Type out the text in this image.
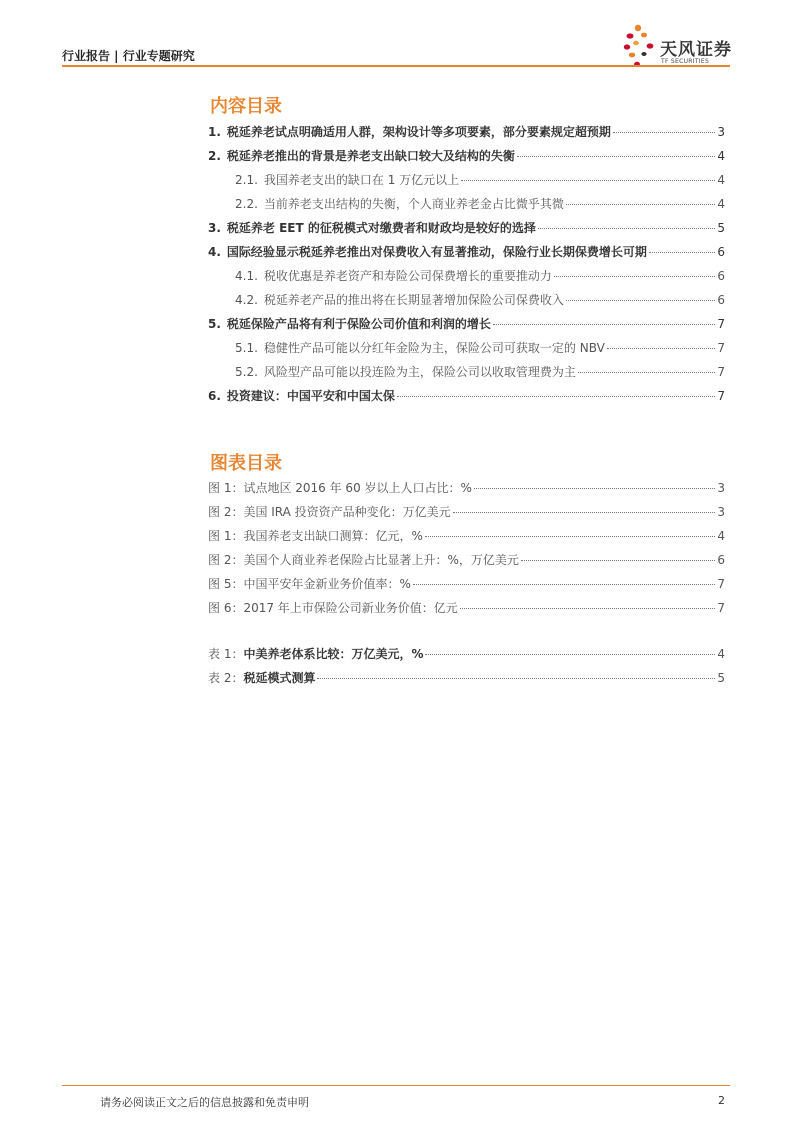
行业报告 | 行业专题研究	天风证券
TF SECURITIES
内容目录
1. 税延养老试点明确适用人群，架构设计等多项要素，部分要素规定超预期	3
2. 税延养老推出的背景是养老支出缺口较大及结构的失衡	4
2.1. 我国养老支出的缺口在 1 万亿元以上	4
2.2. 当前养老支出结构的失衡，个人商业养老金占比微乎其微	4
3. 税延养老 EET 的征税模式对缴费者和财政均是较好的选择	5
4. 国际经验显示税延养老推出对保费收入有显著推动，保险行业长期保费增长可期	6
4.1. 税收优惠是养老资产和寿险公司保费增长的重要推动力	6
4.2. 税延养老产品的推出将在长期显著增加保险公司保费收入	6
5. 税延保险产品将有利于保险公司价值和利润的增长	7
5.1. 稳健性产品可能以分红年金险为主，保险公司可获取一定的 NBV	7
5.2. 风险型产品可能以投连险为主，保险公司以收取管理费为主	7
6. 投资建议：中国平安和中国太保	7
图表目录
图 1：试点地区 2016 年 60 岁以上人口占比：%	3
图 2：美国 IRA 投资资产品种变化：万亿美元	3
图 1：我国养老支出缺口测算：亿元，%	4
图 2：美国个人商业养老保险占比显著上升：%，万亿美元	6
图 5：中国平安年金新业务价值率：%	7
图 6：2017 年上市保险公司新业务价值：亿元	7
表 1： 中美养老体系比较：万亿美元，%	4
表 2： 税延模式测算	5
请务必阅读正文之后的信息披露和免责申明	2
